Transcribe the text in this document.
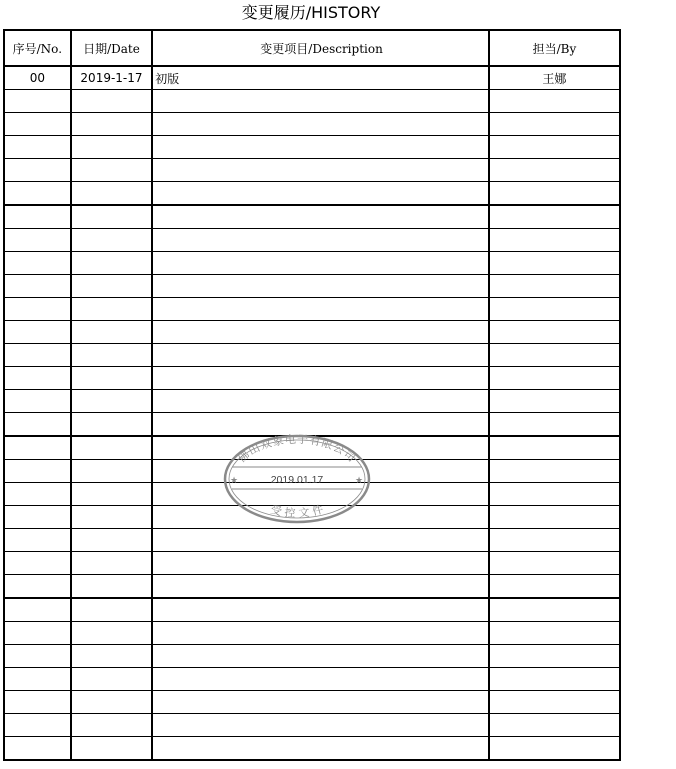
变更履历/HISTORY
序号/No.	日期/Date	变更项目/Description	担当/By
00	2019-1-17	初版	王娜

佛山双象电子有限公司
★	★
2019.01.17
受 控 文 件
